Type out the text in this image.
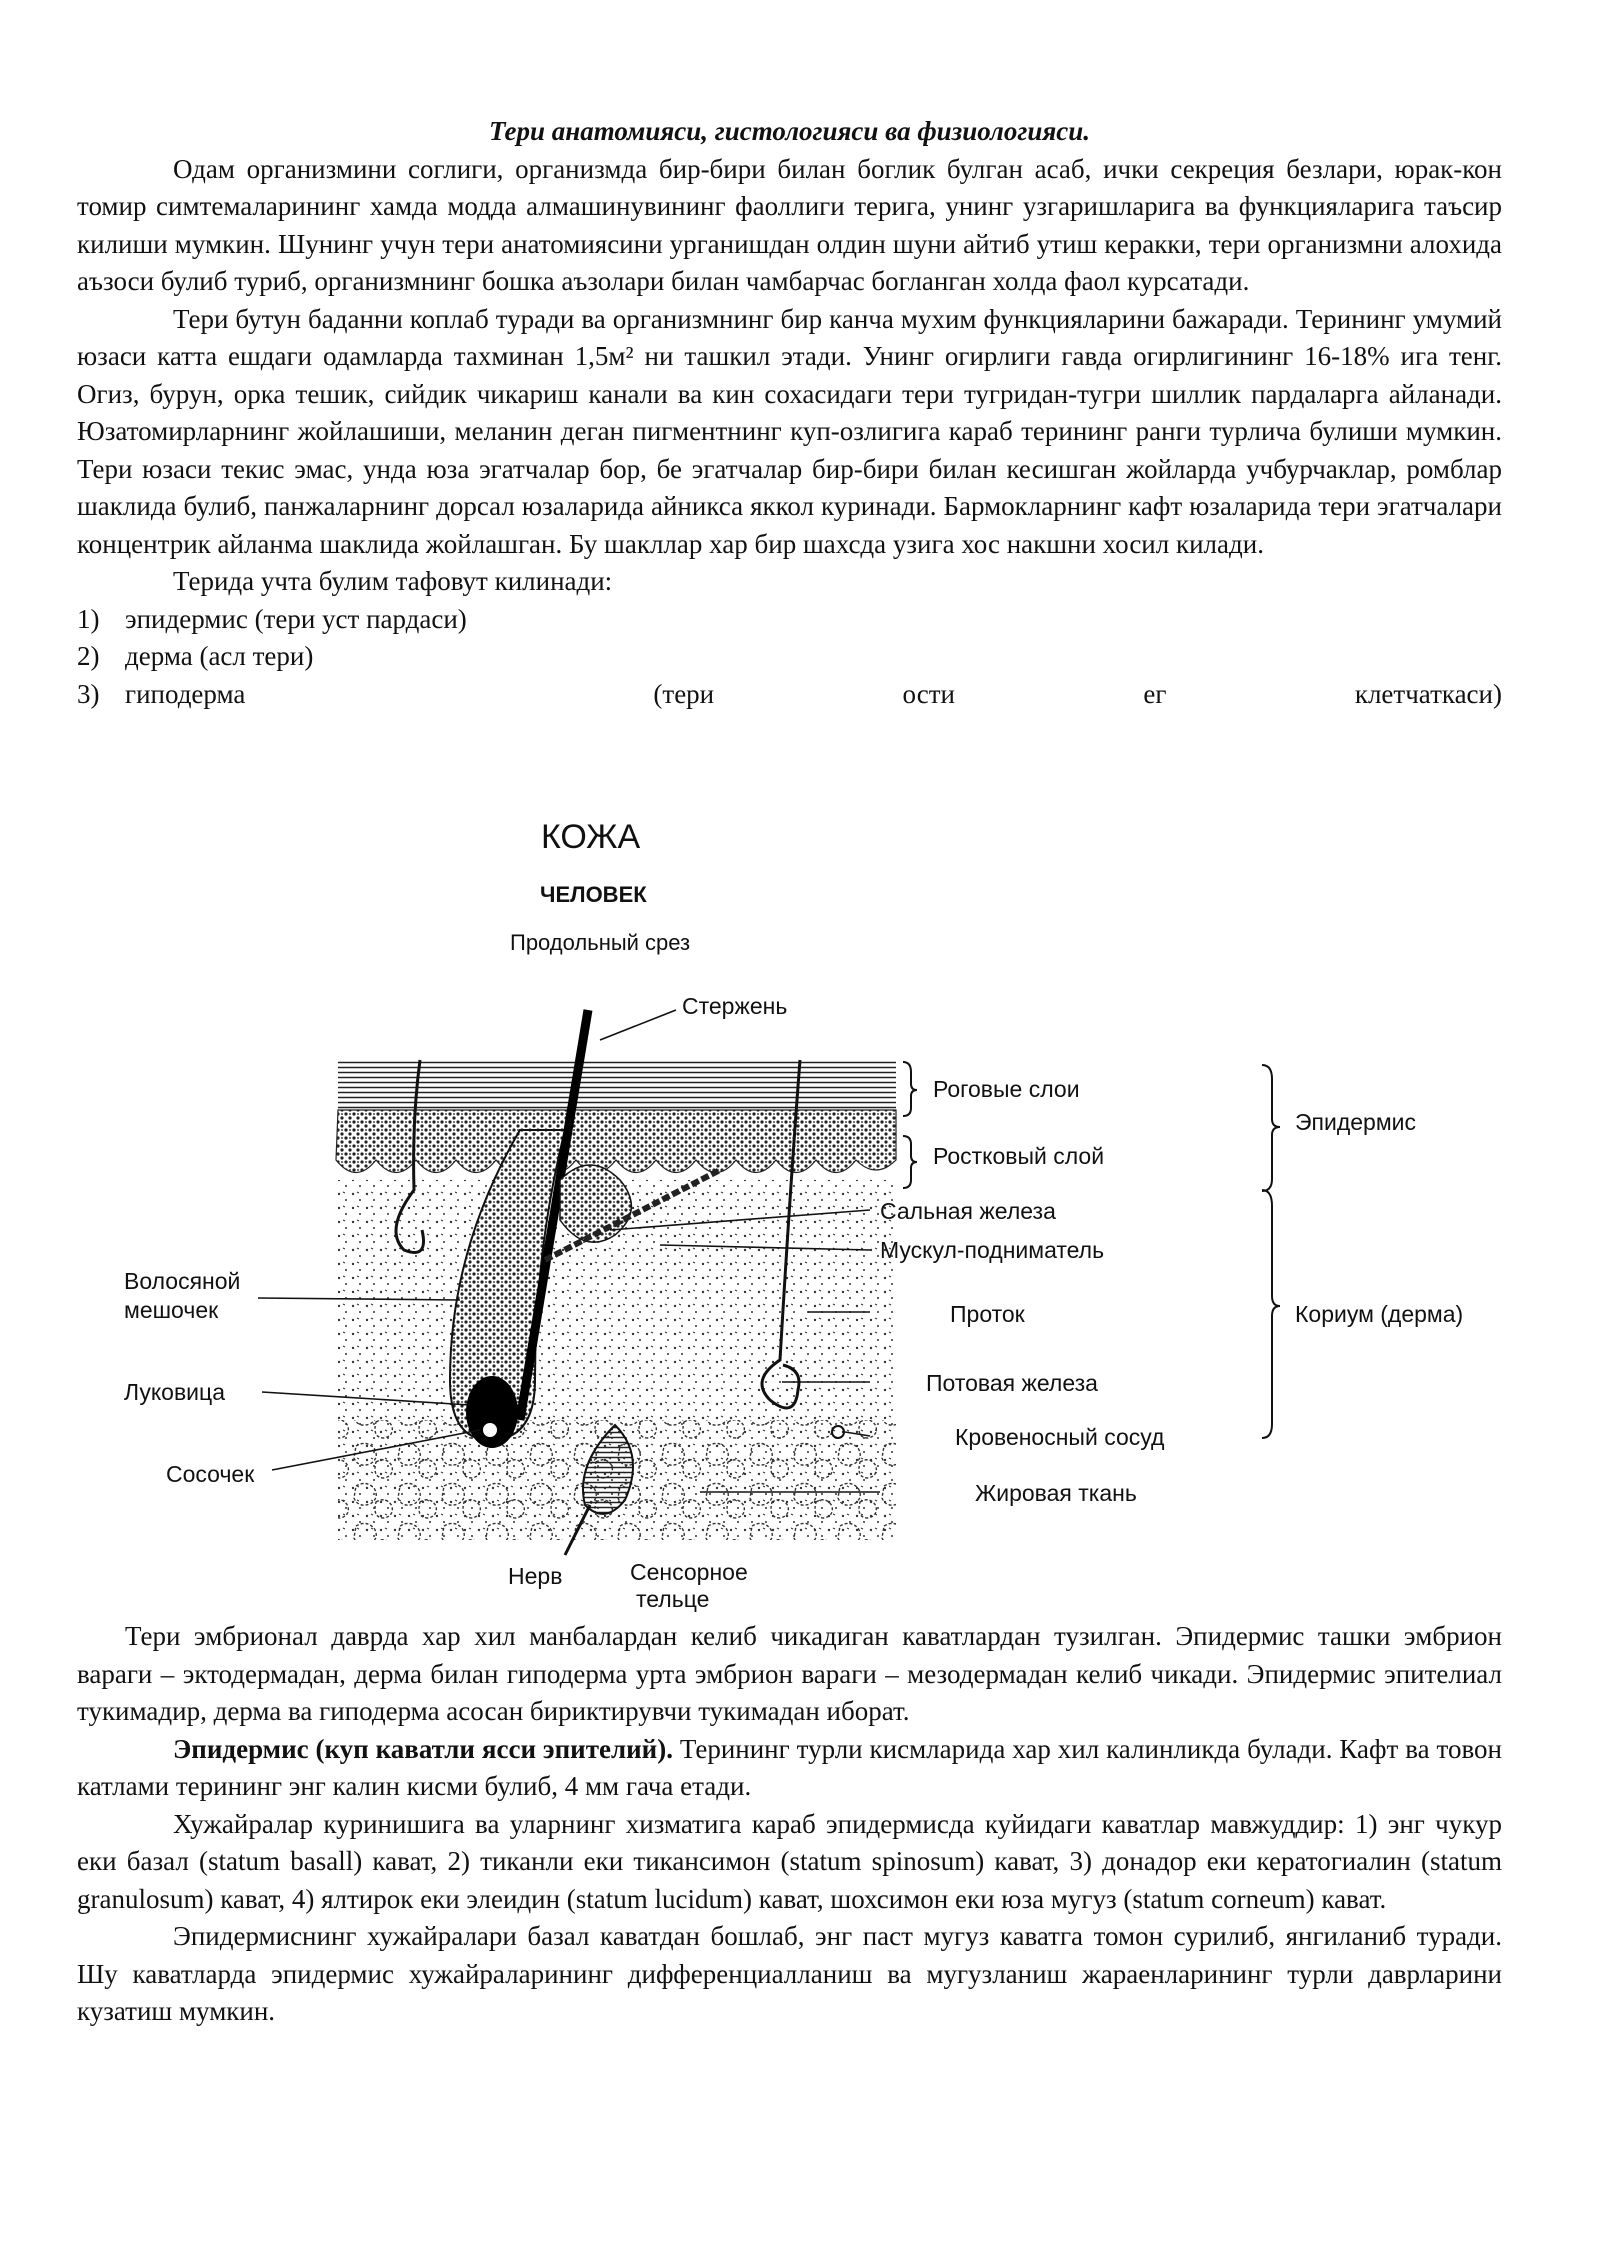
Тери анатомияси, гистологияси ва физиологияси.

Одам организмини соглиги, организмда бир-бири билан боглик булган асаб, ички секреция безлари, юрак-кон томир симтемаларининг хамда модда алмашинувининг фаоллиги терига, унинг узгаришларига ва функцияларига таъсир килиши мумкин. Шунинг учун тери анатомиясини урганишдан олдин шуни айтиб утиш керакки, тери организмни алохида аъзоси булиб туриб, организмнинг бошка аъзолари билан чамбарчас богланган холда фаол курсатади.

Тери бутун баданни коплаб туради ва организмнинг бир канча мухим функцияларини бажаради. Терининг умумий юзаси катта ешдаги одамларда тахминан 1,5м² ни ташкил этади. Унинг огирлиги гавда огирлигининг 16-18% ига тенг. Огиз, бурун, орка тешик, сийдик чикариш канали ва кин сохасидаги тери тугридан-тугри шиллик пардаларга айланади. Юзатомирларнинг жойлашиши, меланин деган пигментнинг куп-озлигига караб терининг ранги турлича булиши мумкин. Тери юзаси текис эмас, унда юза эгатчалар бор, бе эгатчалар бир-бири билан кесишган жойларда учбурчаклар, ромблар шаклида булиб, панжаларнинг дорсал юзаларида айникса яккол куринади. Бармокларнинг кафт юзаларида тери эгатчалари концентрик айланма шаклида жойлашган. Бу шакллар хар бир шахсда узига хос накшни хосил килади.

Терида учта булим тафовут килинади:

1) эпидермис (тери уст пардаси)
2) дерма (асл тери)
3) гиподерма	(тери	ости	ег	клетчаткаси)
КОЖА
ЧЕЛОВЕК
Продольный срез
Стержень
Роговые слои
Ростковый слой
Эпидермис
Сальная железа
Мускул-подниматель
Волосяной
мешочек	Проток	Кориум (дерма)
Луковица	Потовая железа
Кровеносный сосуд
Сосочек
Жировая ткань
Нерв	Сенсорное
тельце

Тери эмбрионал даврда хар хил манбалардан келиб чикадиган каватлардан тузилган. Эпидермис ташки эмбрион вараги – эктодермадан, дерма билан гиподерма урта эмбрион вараги – мезодермадан келиб чикади. Эпидермис эпителиал тукимадир, дерма ва гиподерма асосан бириктирувчи тукимадан иборат.

Эпидермис (куп каватли ясси эпителий). Терининг турли кисмларида хар хил калинликда булади. Кафт ва товон катлами терининг энг калин кисми булиб, 4 мм гача етади.

Хужайралар куринишига ва уларнинг хизматига караб эпидермисда куйидаги каватлар мавжуддир: 1) энг чукур еки базал (statum basall) кават, 2) тиканли еки тикансимон (statum spinosum) кават, 3) донадор еки кератогиалин (statum granulosum) кават, 4) ялтирок еки элеидин (statum lucidum) кават, шохсимон еки юза мугуз (statum corneum) кават.

Эпидермиснинг хужайралари базал каватдан бошлаб, энг паст мугуз каватга томон сурилиб, янгиланиб туради. Шу каватларда эпидермис хужайраларининг дифференциалланиш ва мугузланиш жараенларининг турли даврларини кузатиш мумкин.
